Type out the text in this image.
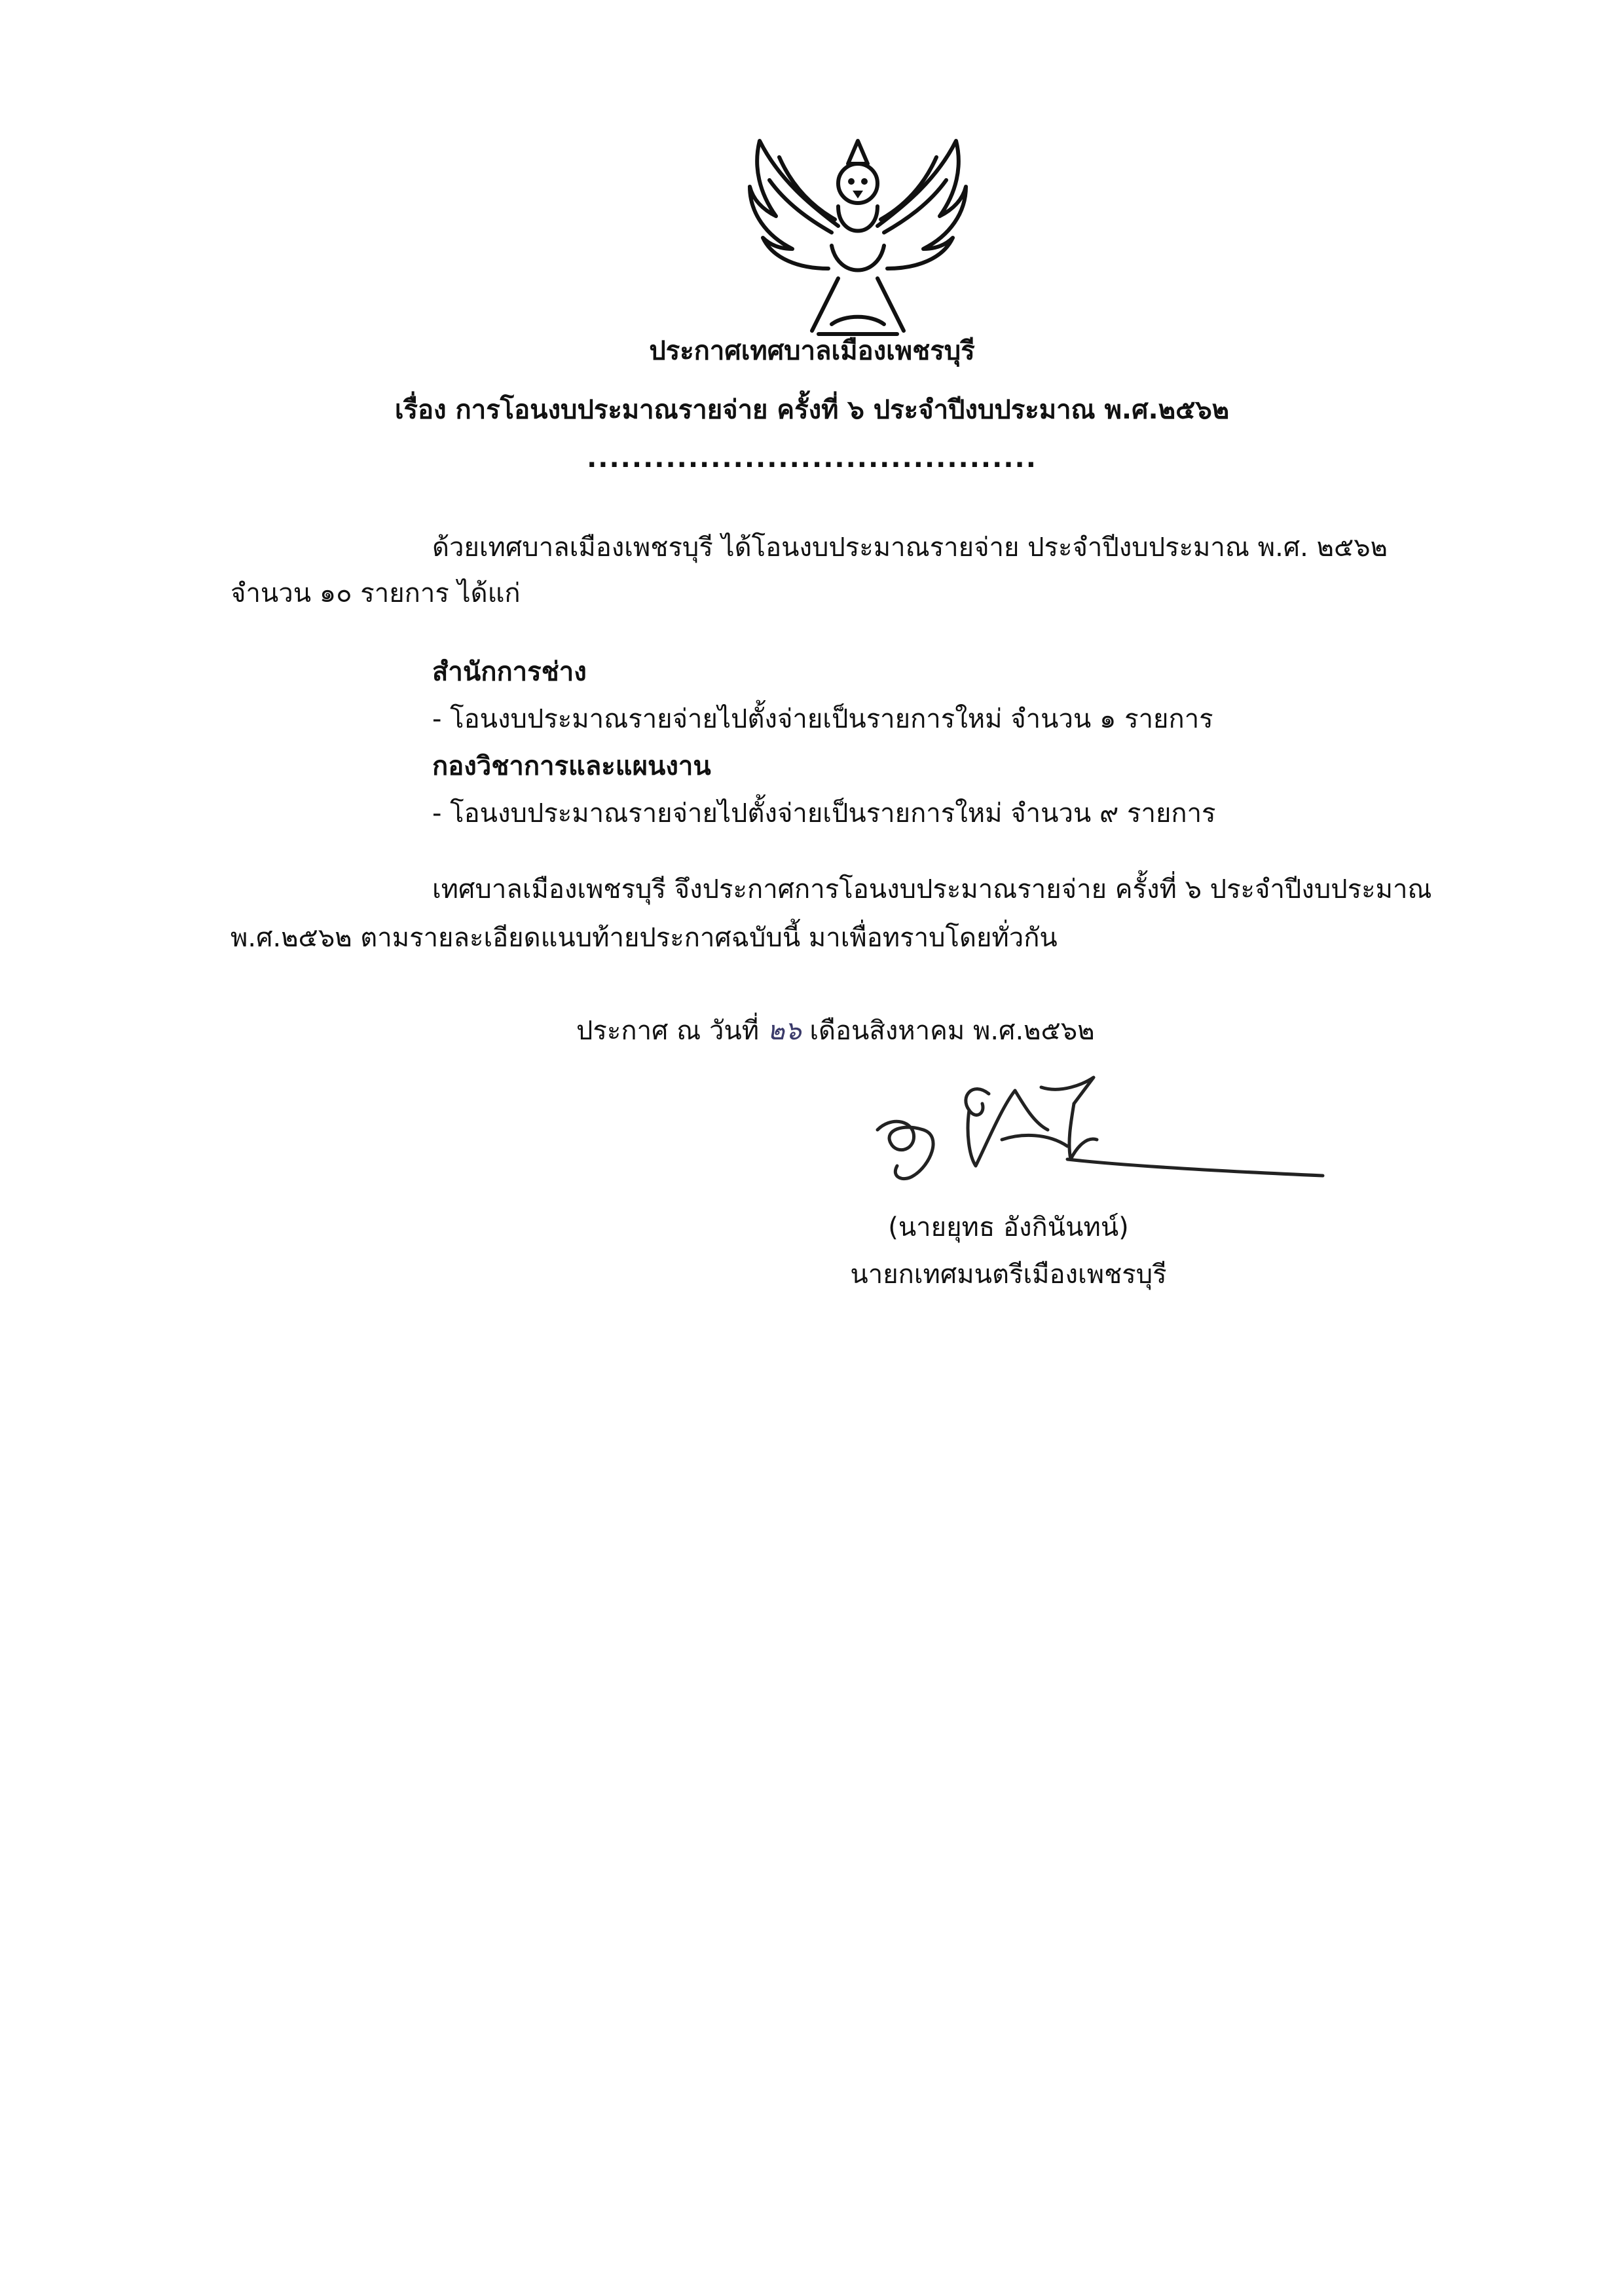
ประกาศเทศบาลเมืองเพชรบุรี
เรื่อง การโอนงบประมาณรายจ่าย ครั้งที่ ๖ ประจำปีงบประมาณ พ.ศ.๒๕๖๒
........................................
ด้วยเทศบาลเมืองเพชรบุรี ได้โอนงบประมาณรายจ่าย ประจำปีงบประมาณ พ.ศ. ๒๕๖๒
จำนวน ๑๐ รายการ ได้แก่
สำนักการช่าง
- โอนงบประมาณรายจ่ายไปตั้งจ่ายเป็นรายการใหม่ จำนวน ๑ รายการ
กองวิชาการและแผนงาน
- โอนงบประมาณรายจ่ายไปตั้งจ่ายเป็นรายการใหม่ จำนวน ๙ รายการ
เทศบาลเมืองเพชรบุรี จึงประกาศการโอนงบประมาณรายจ่าย ครั้งที่ ๖ ประจำปีงบประมาณ
พ.ศ.๒๕๖๒ ตามรายละเอียดแนบท้ายประกาศฉบับนี้ มาเพื่อทราบโดยทั่วกัน
ประกาศ ณ วันที่ ๒๖ เดือนสิงหาคม พ.ศ.๒๕๖๒
(นายยุทธ อังกินันทน์)
นายกเทศมนตรีเมืองเพชรบุรี
